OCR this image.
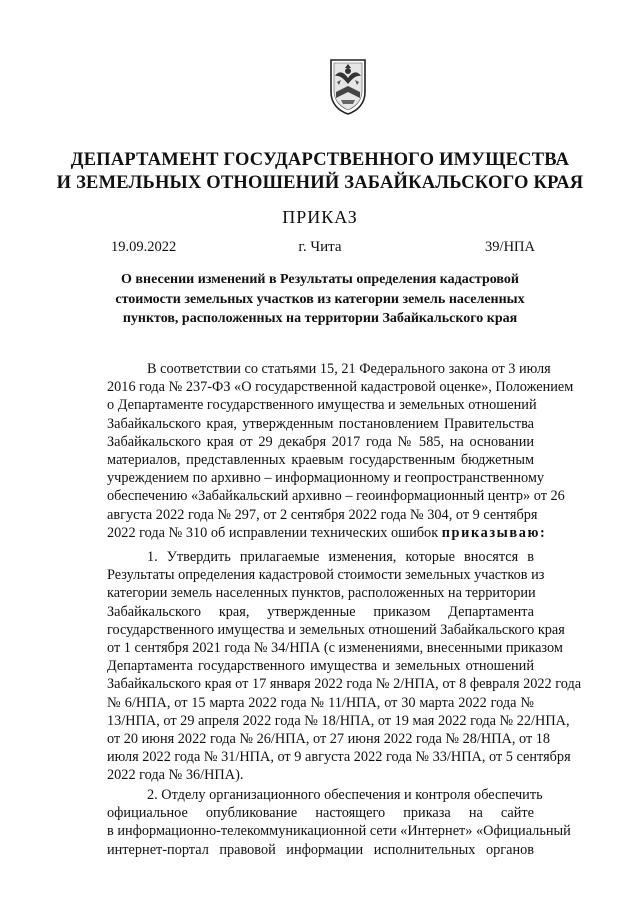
ДЕПАРТАМЕНТ ГОСУДАРСТВЕННОГО ИМУЩЕСТВА
И ЗЕМЕЛЬНЫХ ОТНОШЕНИЙ ЗАБАЙКАЛЬСКОГО КРАЯ
ПРИКАЗ
г. Чита
19.09.2022	39/НПА
О внесении изменений в Результаты определения кадастровой
стоимости земельных участков из категории земель населенных
пунктов, расположенных на территории Забайкальского края
В соответствии со статьями 15, 21 Федерального закона от 3 июля
2016 года № 237-ФЗ «О государственной кадастровой оценке», Положением
о Департаменте государственного имущества и земельных отношений
Забайкальского края, утвержденным постановлением Правительства
Забайкальского края от 29 декабря 2017 года № 585, на основании
материалов, представленных краевым государственным бюджетным
учреждением по архивно – информационному и геопространственному
обеспечению «Забайкальский архивно – геоинформационный центр» от 26
августа 2022 года № 297, от 2 сентября 2022 года № 304, от 9 сентября
2022 года № 310 об исправлении технических ошибок приказываю:
1. Утвердить прилагаемые изменения, которые вносятся в
Результаты определения кадастровой стоимости земельных участков из
категории земель населенных пунктов, расположенных на территории
Забайкальского края, утвержденные приказом Департамента
государственного имущества и земельных отношений Забайкальского края
от 1 сентября 2021 года № 34/НПА (с изменениями, внесенными приказом
Департамента государственного имущества и земельных отношений
Забайкальского края от 17 января 2022 года № 2/НПА, от 8 февраля 2022 года
№ 6/НПА, от 15 марта 2022 года № 11/НПА, от 30 марта 2022 года №
13/НПА, от 29 апреля 2022 года № 18/НПА, от 19 мая 2022 года № 22/НПА,
от 20 июня 2022 года № 26/НПА, от 27 июня 2022 года № 28/НПА, от 18
июля 2022 года № 31/НПА, от 9 августа 2022 года № 33/НПА, от 5 сентября
2022 года № 36/НПА).
2. Отделу организационного обеспечения и контроля обеспечить
официальное опубликование настоящего приказа на сайте
в информационно-телекоммуникационной сети «Интернет» «Официальный
интернет-портал правовой информации исполнительных органов
